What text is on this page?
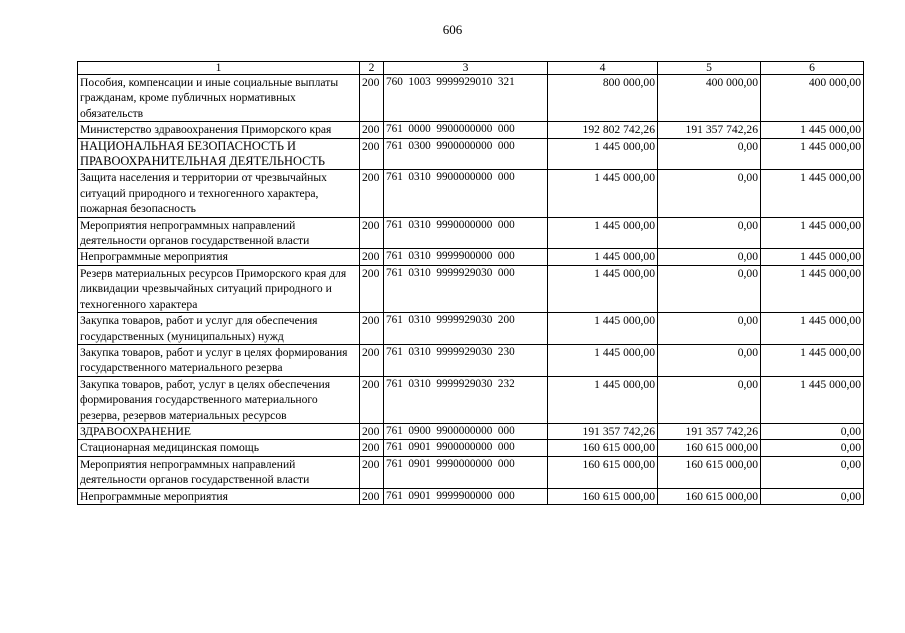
606
1	2	3	4	5	6
Пособия, компенсации и иные социальные выплаты гражданам, кроме публичных нормативных обязательств	200	760  1003  9999929010  321	800 000,00	400 000,00	400 000,00
Министерство здравоохранения Приморского края	200	761  0000  9900000000  000	192 802 742,26	191 357 742,26	1 445 000,00
НАЦИОНАЛЬНАЯ БЕЗОПАСНОСТЬ И ПРАВООХРАНИТЕЛЬНАЯ ДЕЯТЕЛЬНОСТЬ	200	761  0300  9900000000  000	1 445 000,00	0,00	1 445 000,00
Защита населения и территории от чрезвычайных ситуаций природного и техногенного характера, пожарная безопасность	200	761  0310  9900000000  000	1 445 000,00	0,00	1 445 000,00
Мероприятия непрограммных направлений деятельности органов государственной власти	200	761  0310  9990000000  000	1 445 000,00	0,00	1 445 000,00
Непрограммные мероприятия	200	761  0310  9999900000  000	1 445 000,00	0,00	1 445 000,00
Резерв материальных ресурсов Приморского края для ликвидации чрезвычайных ситуаций природного и техногенного характера	200	761  0310  9999929030  000	1 445 000,00	0,00	1 445 000,00
Закупка товаров, работ и услуг для обеспечения государственных (муниципальных) нужд	200	761  0310  9999929030  200	1 445 000,00	0,00	1 445 000,00
Закупка товаров, работ и услуг в целях формирования государственного материального резерва	200	761  0310  9999929030  230	1 445 000,00	0,00	1 445 000,00
Закупка товаров, работ, услуг в целях обеспечения формирования государственного материального резерва, резервов материальных ресурсов	200	761  0310  9999929030  232	1 445 000,00	0,00	1 445 000,00
ЗДРАВООХРАНЕНИЕ	200	761  0900  9900000000  000	191 357 742,26	191 357 742,26	0,00
Стационарная медицинская помощь	200	761  0901  9900000000  000	160 615 000,00	160 615 000,00	0,00
Мероприятия непрограммных направлений деятельности органов государственной власти	200	761  0901  9990000000  000	160 615 000,00	160 615 000,00	0,00
Непрограммные мероприятия	200	761  0901  9999900000  000	160 615 000,00	160 615 000,00	0,00
